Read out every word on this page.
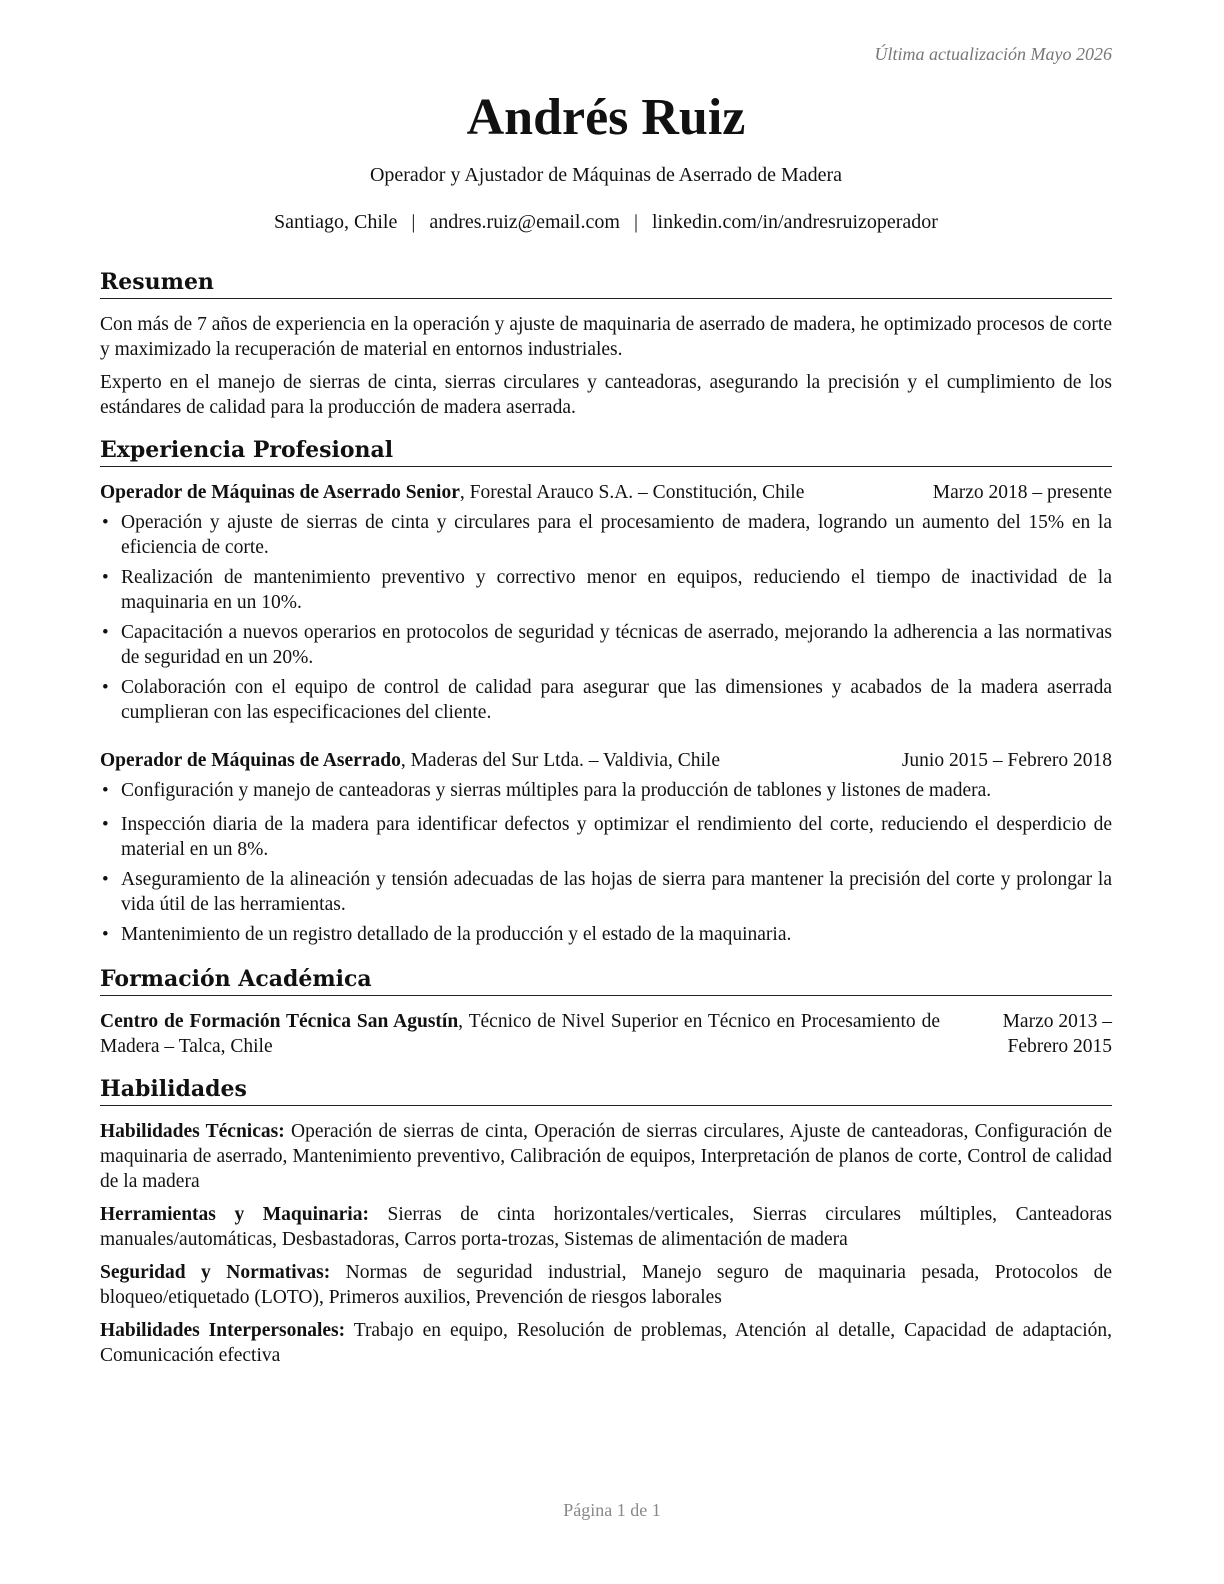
Última actualización Mayo 2026
Andrés Ruiz
Operador y Ajustador de Máquinas de Aserrado de Madera
Santiago, Chile | andres.ruiz@email.com | linkedin.com/in/andresruizoperador
Resumen

Con más de 7 años de experiencia en la operación y ajuste de maquinaria de aserrado de madera, he optimizado procesos de corte y maximizado la recuperación de material en entornos industriales.

Experto en el manejo de sierras de cinta, sierras circulares y canteadoras, asegurando la precisión y el cumplimiento de los estándares de calidad para la producción de madera aserrada.

Experiencia Profesional
Operador de Máquinas de Aserrado Senior, Forestal Arauco S.A. – Constitución, Chile	Marzo 2018 – presente
• Operación y ajuste de sierras de cinta y circulares para el procesamiento de madera, logrando un aumento del 15% en la eficiencia de corte.
• Realización de mantenimiento preventivo y correctivo menor en equipos, reduciendo el tiempo de inactividad de la maquinaria en un 10%.
• Capacitación a nuevos operarios en protocolos de seguridad y técnicas de aserrado, mejorando la adherencia a las normativas de seguridad en un 20%.
• Colaboración con el equipo de control de calidad para asegurar que las dimensiones y acabados de la madera aserrada cumplieran con las especificaciones del cliente.
Operador de Máquinas de Aserrado, Maderas del Sur Ltda. – Valdivia, Chile	Junio 2015 – Febrero 2018
• Configuración y manejo de canteadoras y sierras múltiples para la producción de tablones y listones de madera.
• Inspección diaria de la madera para identificar defectos y optimizar el rendimiento del corte, reduciendo el desperdicio de material en un 8%.
• Aseguramiento de la alineación y tensión adecuadas de las hojas de sierra para mantener la precisión del corte y prolongar la vida útil de las herramientas.
• Mantenimiento de un registro detallado de la producción y el estado de la maquinaria.
Formación Académica
Centro de Formación Técnica San Agustín, Técnico de Nivel Superior en Técnico en Procesamiento de Madera – Talca, Chile
Marzo 2013 – Febrero 2015
Habilidades

Habilidades Técnicas: Operación de sierras de cinta, Operación de sierras circulares, Ajuste de canteadoras, Configuración de maquinaria de aserrado, Mantenimiento preventivo, Calibración de equipos, Interpretación de planos de corte, Control de calidad de la madera

Herramientas y Maquinaria: Sierras de cinta horizontales/verticales, Sierras circulares múltiples, Canteadoras manuales/automáticas, Desbastadoras, Carros porta-trozas, Sistemas de alimentación de madera

Seguridad y Normativas: Normas de seguridad industrial, Manejo seguro de maquinaria pesada, Protocolos de bloqueo/etiquetado (LOTO), Primeros auxilios, Prevención de riesgos laborales

Habilidades Interpersonales: Trabajo en equipo, Resolución de problemas, Atención al detalle, Capacidad de adaptación, Comunicación efectiva

Página 1 de 1
